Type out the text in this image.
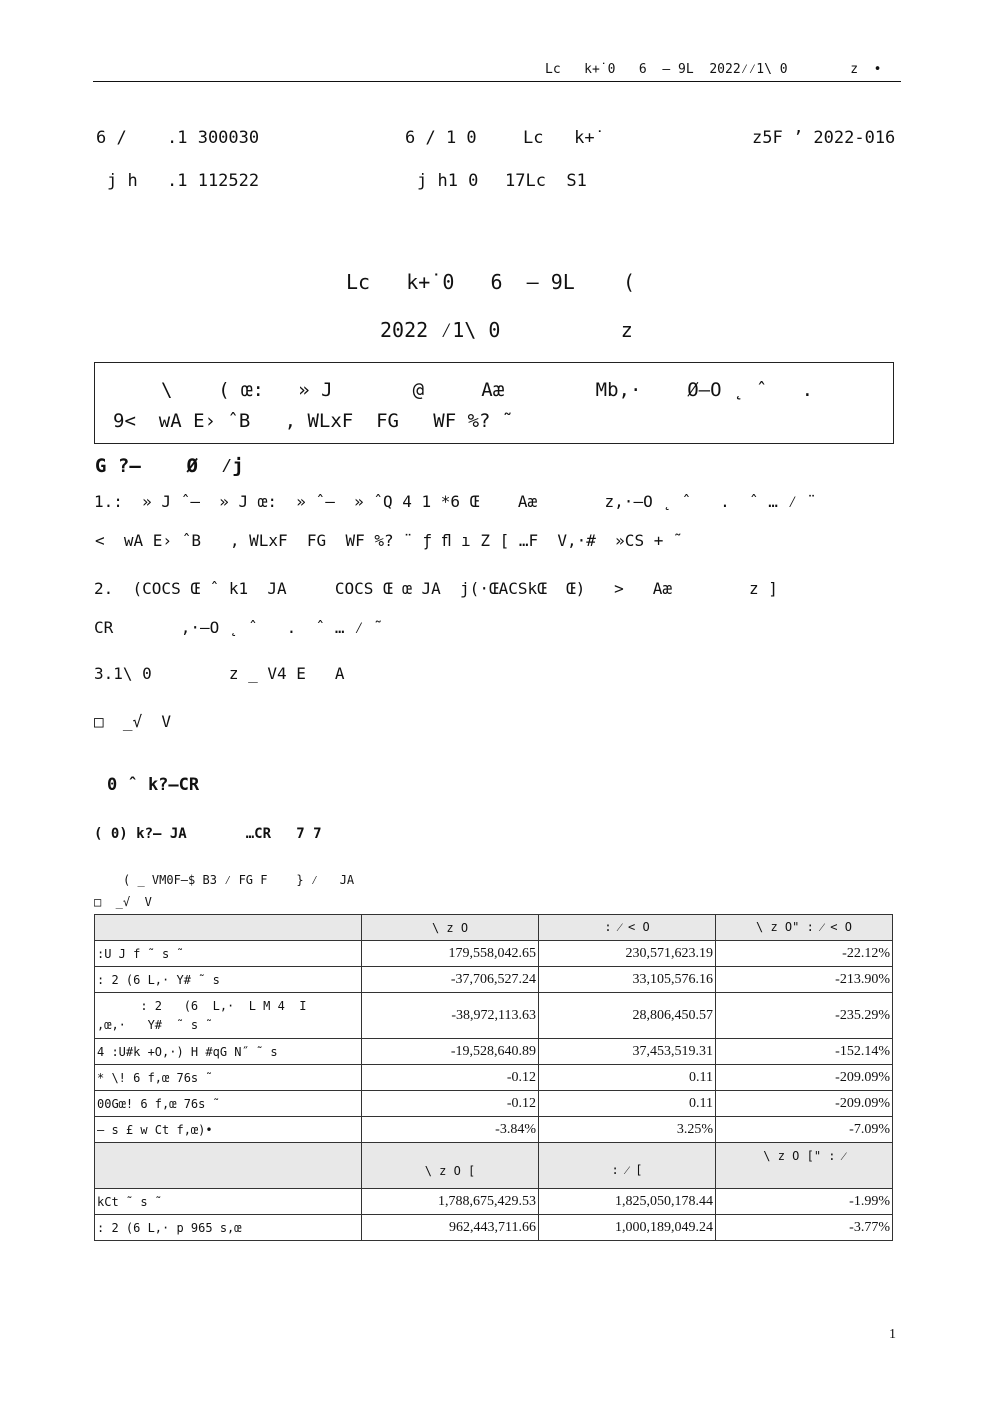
Lc   k+˙0   6  – 9L  2022⁄⁄1\ 0        z  •
6 / .1 300030	6 / 1 0	Lc   k+˙	z5F ’ 2022-016
j h .1 112522	j h1 0 17Lc  S1
Lc   k+˙0   6  – 9L    (
2022 ⁄1\ 0          z
\    ( œ:   » J       @     Aæ        Mb,·    Ø–O ˛ ˆ   .
9<  wA E› ˆB   , WLxF  FG   WF %? ˜
G ?–    Ø  ⁄j
1.:  » J ˆ–  » J œ:  » ˆ–  » ˆQ 4 1 *6 Œ    Aæ       z,·–O ˛ ˆ   .  ˆ … ⁄ ¨
<  wA E› ˆB   , WLxF  FG  WF %? ¨ ƒ ﬂ ı Z [ …F  V,·#  »CS + ˜
2.  (COCS Œ ˆ k1  JA     COCS Œ œ JA  j(·ŒACSkŒ  Œ)   >   Aæ        z ]
CR       ,·–O ˛ ˆ   .  ˆ … ⁄ ˜
3.1\ 0        z _ V4 E   A
□  _√  V
0 ˆ k?–CR
( 0) k?– JA       …CR   7 7
( _ VM0F–$ B3 ⁄ FG F    } ⁄   JA
□  _√  V
	\ z O	: ⁄ < O	\ z O" : ⁄ < O
:U J f ˜ s ˜	179,558,042.65	230,571,623.19	-22.12%
: 2 (6 L,· Y# ˜ s	-37,706,527.24	33,105,576.16	-213.90%

: 2   (6  L,·  L M 4  I
,œ,·   Y#  ˜ s ˜	-38,972,113.63	28,806,450.57	-235.29%
4 :U#k +O,·) H #qG N˝ ˜ s	-19,528,640.89	37,453,519.31	-152.14%
* \! 6 f,œ 76s ˜	-0.12	0.11	-209.09%
00Gœ! 6 f,œ 76s ˜	-0.12	0.11	-209.09%
– s £ w Ct f,œ)•	-3.84%	3.25%	-7.09%
	\ z O [	: ⁄ [	\ z O [" : ⁄
kCt ˜ s ˜	1,788,675,429.53	1,825,050,178.44	-1.99%
: 2 (6 L,· p 965 s,œ	962,443,711.66	1,000,189,049.24	-3.77%
1
